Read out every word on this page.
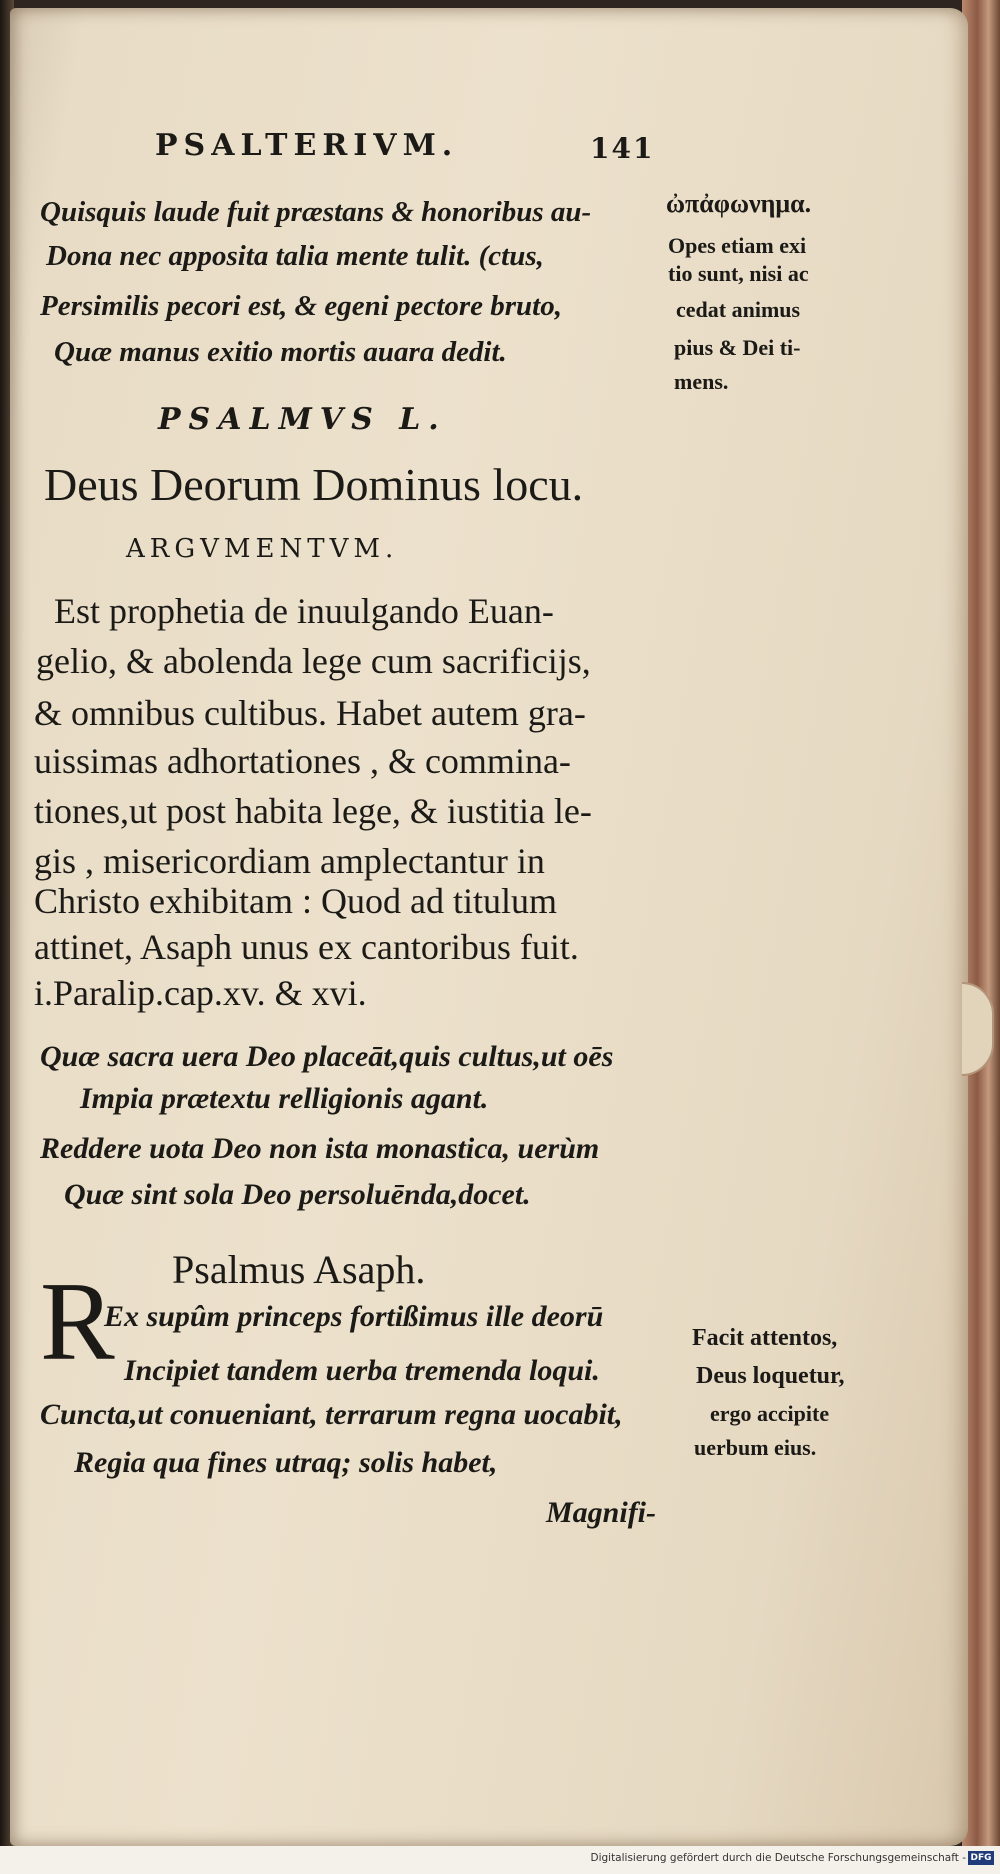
PSALTERIVM.	141
Quisquis laude fuit præstans & honoribus au-
Dona nec apposita talia mente tulit. (ctus,
Persimilis pecori est, & egeni pectore bruto,
Quæ manus exitio mortis auara dedit.
ὠπἀφωνημα.
Opes etiam exi
tio sunt, nisi ac
cedat animus
pius & Dei ti-
mens.
PSALMVS L.
Deus Deorum Dominus locu.
ARGVMENTVM.
Est prophetia de inuulgando Euan-
gelio, & abolenda lege cum sacrificijs,
& omnibus cultibus. Habet autem gra-
uissimas adhortationes , & commina-
tiones,ut post habita lege, & iustitia le-
gis , misericordiam amplectantur in
Christo exhibitam : Quod ad titulum
attinet, Asaph unus ex cantoribus fuit.
i.Paralip.cap.xv. & xvi.
Quæ sacra uera Deo placeāt,quis cultus,ut oēs
Impia prætextu relligionis agant.
Reddere uota Deo non ista monastica, uerùm
Quæ sint sola Deo persoluēnda,docet.
Psalmus Asaph.
R
Ex supûm princeps fortißimus ille deorū
Incipiet tandem uerba tremenda loqui.
Cuncta,ut conueniant, terrarum regna uocabit,
Regia qua fines utraq; solis habet,
Facit attentos,
Deus loquetur,
ergo accipite
uerbum eius.
Magnifi-
Digitalisierung gefördert durch die Deutsche Forschungsgemeinschaft - DFG
